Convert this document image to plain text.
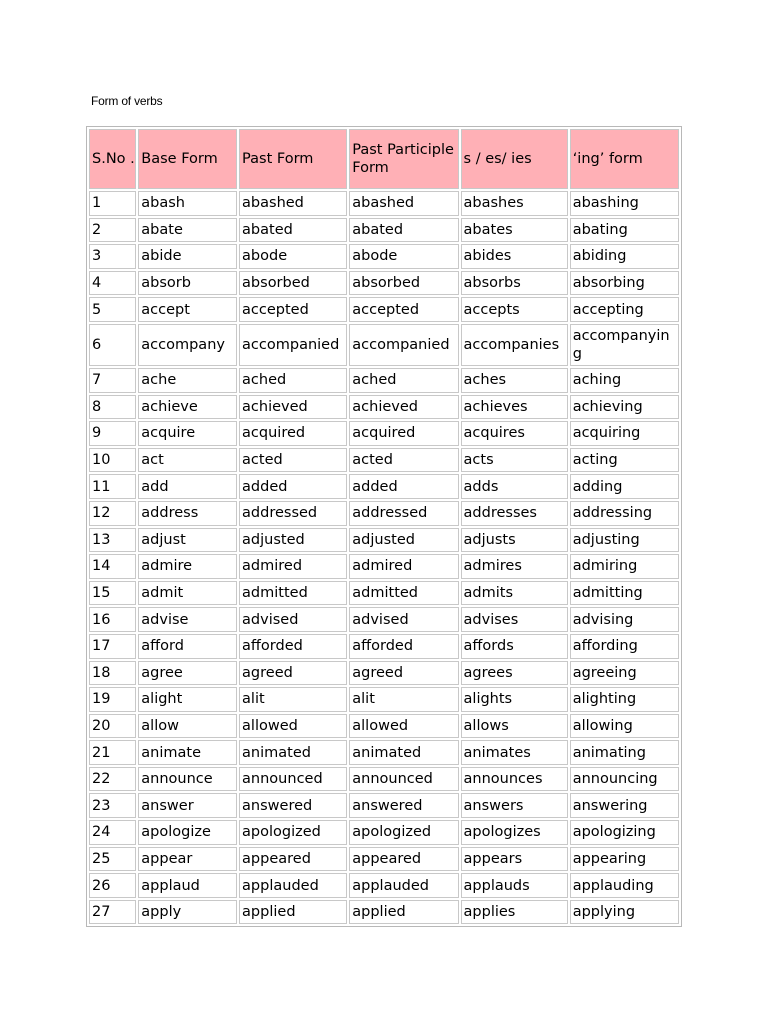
Form of verbs
S.No .	Base Form	Past Form	Past Participle Form	s / es/ ies	‘ing’ form
1	abash	abashed	abashed	abashes	abashing
2	abate	abated	abated	abates	abating
3	abide	abode	abode	abides	abiding
4	absorb	absorbed	absorbed	absorbs	absorbing
5	accept	accepted	accepted	accepts	accepting
6	accompany	accompanied	accompanied	accompanies	accompanying
7	ache	ached	ached	aches	aching
8	achieve	achieved	achieved	achieves	achieving
9	acquire	acquired	acquired	acquires	acquiring
10	act	acted	acted	acts	acting
11	add	added	added	adds	adding
12	address	addressed	addressed	addresses	addressing
13	adjust	adjusted	adjusted	adjusts	adjusting
14	admire	admired	admired	admires	admiring
15	admit	admitted	admitted	admits	admitting
16	advise	advised	advised	advises	advising
17	afford	afforded	afforded	affords	affording
18	agree	agreed	agreed	agrees	agreeing
19	alight	alit	alit	alights	alighting
20	allow	allowed	allowed	allows	allowing
21	animate	animated	animated	animates	animating
22	announce	announced	announced	announces	announcing
23	answer	answered	answered	answers	answering
24	apologize	apologized	apologized	apologizes	apologizing
25	appear	appeared	appeared	appears	appearing
26	applaud	applauded	applauded	applauds	applauding
27	apply	applied	applied	applies	applying
